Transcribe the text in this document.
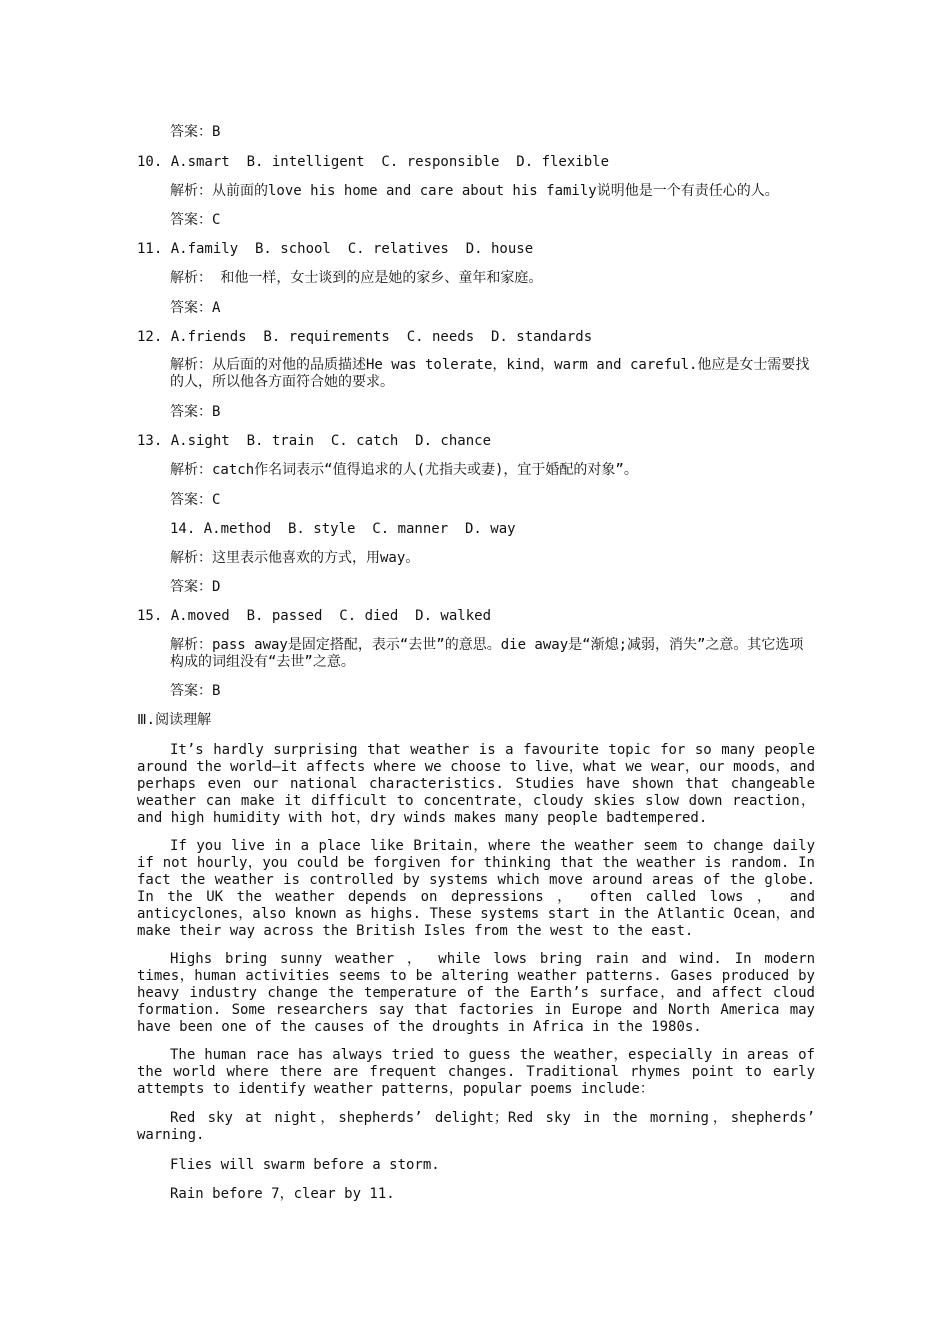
答案：B
10. A.smart  B. intelligent  C. responsible  D. flexible
解析：从前面的love his home and care about his family说明他是一个有责任心的人。
答案：C
11. A.family  B. school  C. relatives  D. house
解析： 和他一样，女士谈到的应是她的家乡、童年和家庭。
答案：A
12. A.friends  B. requirements  C. needs  D. standards

解析：从后面的对他的品质描述He was tolerate，kind，warm and careful.他应是女士需要找的人，所以他各方面符合她的要求。

答案：B
13. A.sight  B. train  C. catch  D. chance
解析：catch作名词表示“值得追求的人(尤指夫或妻)，宜于婚配的对象”。
答案：C
14. A.method  B. style  C. manner  D. way
解析：这里表示他喜欢的方式，用way。
答案：D
15. A.moved  B. passed  C. died  D. walked

解析：pass away是固定搭配，表示“去世”的意思。die away是“渐熄;减弱，消失”之意。其它选项构成的词组没有“去世”之意。

答案：B
Ⅲ.阅读理解

It’s hardly surprising that weather is a favourite topic for so many people around the world—it affects where we choose to live，what we wear，our moods，and perhaps even our national characteristics. Studies have shown that changeable weather can make it difficult to concentrate，cloudy skies slow down reaction，and high humidity with hot，dry winds makes many people badtempered.

If you live in a place like Britain，where the weather seem to change daily if not hourly，you could be forgiven for thinking that the weather is random. In fact the weather is controlled by systems which move around areas of the globe. In the UK the weather depends on depressions ， often called lows ， and anticyclones，also known as highs. These systems start in the Atlantic Ocean，and make their way across the British Isles from the west to the east.

Highs bring sunny weather ， while lows bring rain and wind. In modern times，human activities seems to be altering weather patterns. Gases produced by heavy industry change the temperature of the Earth’s surface，and affect cloud formation. Some researchers say that factories in Europe and North America may have been one of the causes of the droughts in Africa in the 1980s.

The human race has always tried to guess the weather，especially in areas of the world where there are frequent changes. Traditional rhymes point to early attempts to identify weather patterns，popular poems include：

Red sky at night，shepherds’ delight；Red sky in the morning，shepherds’ warning.

Flies will swarm before a storm.
Rain before 7，clear by 11.
